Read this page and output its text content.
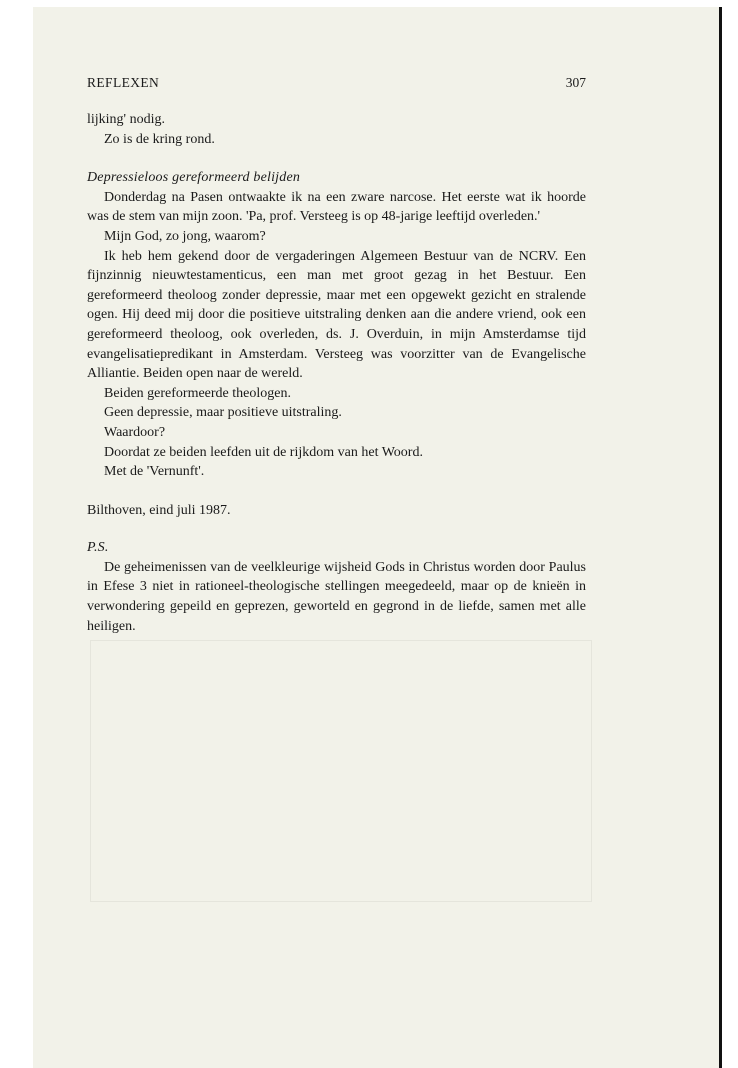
REFLEXEN	307

lijking' nodig.

Zo is de kring rond.

Depressieloos gereformeerd belijden

Donderdag na Pasen ontwaakte ik na een zware narcose. Het eerste wat ik hoorde was de stem van mijn zoon. 'Pa, prof. Versteeg is op 48-jarige leeftijd overleden.'

Mijn God, zo jong, waarom?

Ik heb hem gekend door de vergaderingen Algemeen Bestuur van de NCRV. Een fijnzinnig nieuwtestamenticus, een man met groot gezag in het Bestuur. Een gereformeerd theoloog zonder depressie, maar met een opgewekt gezicht en stralende ogen. Hij deed mij door die positieve uitstraling denken aan die andere vriend, ook een gereformeerd theoloog, ook overleden, ds. J. Overduin, in mijn Amsterdamse tijd evangelisatiepredikant in Amsterdam. Versteeg was voorzitter van de Evangelische Alliantie. Beiden open naar de wereld.

Beiden gereformeerde theologen.

Geen depressie, maar positieve uitstraling.

Waardoor?

Doordat ze beiden leefden uit de rijkdom van het Woord.

Met de 'Vernunft'.

Bilthoven, eind juli 1987.

P.S.

De geheimenissen van de veelkleurige wijsheid Gods in Christus worden door Paulus in Efese 3 niet in rationeel-theologische stellingen meegedeeld, maar op de knieën in verwondering gepeild en geprezen, geworteld en gegrond in de liefde, samen met alle heiligen.
